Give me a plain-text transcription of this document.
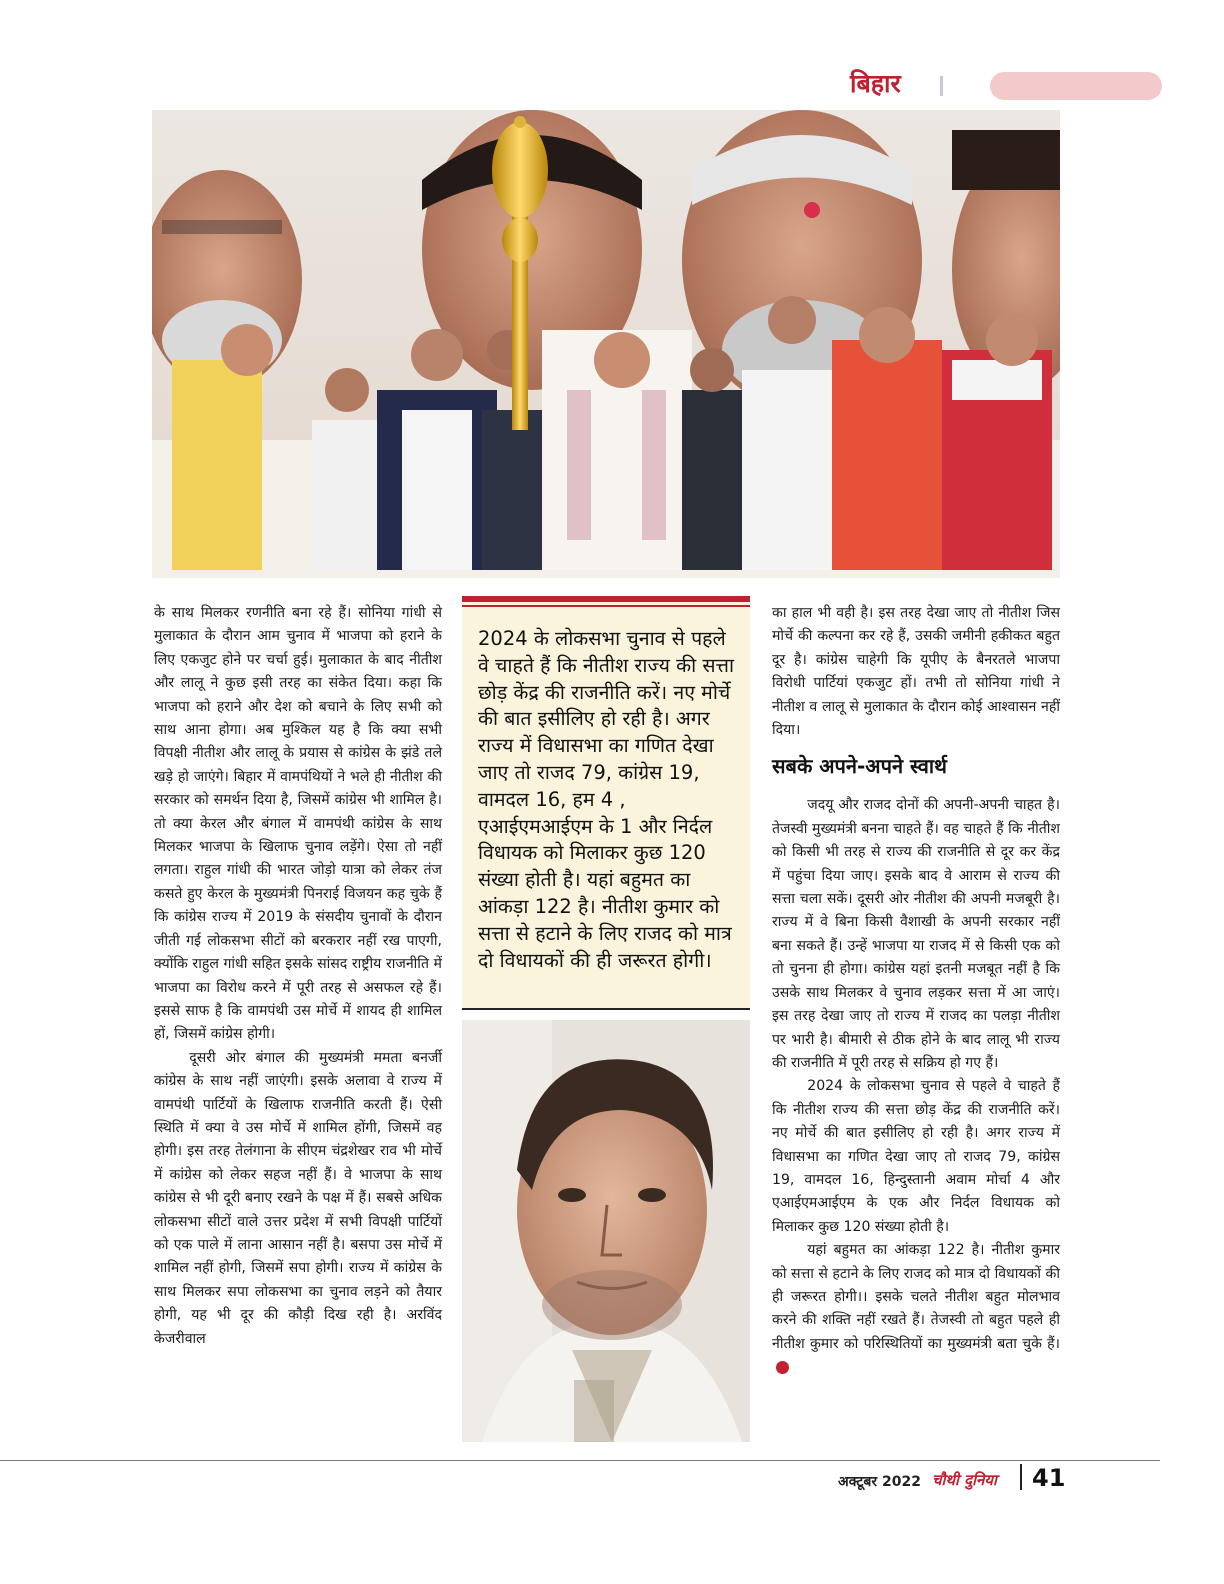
बिहार

के साथ मिलकर रणनीति बना रहे हैं। सोनिया गांधी से मुलाकात के दौरान आम चुनाव में भाजपा को हराने के लिए एकजुट होने पर चर्चा हुई। मुलाकात के बाद नीतीश और लालू ने कुछ इसी तरह का संकेत दिया। कहा कि भाजपा को हराने और देश को बचाने के लिए सभी को साथ आना होगा। अब मुश्किल यह है कि क्या सभी विपक्षी नीतीश और लालू के प्रयास से कांग्रेस के झंडे तले खड़े हो जाएंगे। बिहार में वामपंथियों ने भले ही नीतीश की सरकार को समर्थन दिया है, जिसमें कांग्रेस भी शामिल है। तो क्या केरल और बंगाल में वामपंथी कांग्रेस के साथ मिलकर भाजपा के खिलाफ चुनाव लड़ेंगे। ऐसा तो नहीं लगता। राहुल गांधी की भारत जोड़ो यात्रा को लेकर तंज कसते हुए केरल के मुख्यमंत्री पिनराई विजयन कह चुके हैं कि कांग्रेस राज्य में 2019 के संसदीय चुनावों के दौरान जीती गई लोकसभा सीटों को बरकरार नहीं रख पाएगी, क्योंकि राहुल गांधी सहित इसके सांसद राष्ट्रीय राजनीति में भाजपा का विरोध करने में पूरी तरह से असफल रहे हैं। इससे साफ है कि वामपंथी उस मोर्चे में शायद ही शामिल हों, जिसमें कांग्रेस होगी।

दूसरी ओर बंगाल की मुख्यमंत्री ममता बनर्जी कांग्रेस के साथ नहीं जाएंगी। इसके अलावा वे राज्य में वामपंथी पार्टियों के खिलाफ राजनीति करती हैं। ऐसी स्थिति में क्या वे उस मोर्चे में शामिल होंगी, जिसमें वह होगी। इस तरह तेलंगाना के सीएम चंद्रशेखर राव भी मोर्चे में कांग्रेस को लेकर सहज नहीं हैं। वे भाजपा के साथ कांग्रेस से भी दूरी बनाए रखने के पक्ष में हैं। सबसे अधिक लोकसभा सीटों वाले उत्तर प्रदेश में सभी विपक्षी पार्टियों को एक पाले में लाना आसान नहीं है। बसपा उस मोर्चे में शामिल नहीं होगी, जिसमें सपा होगी। राज्य में कांग्रेस के साथ मिलकर सपा लोकसभा का चुनाव लड़ने को तैयार होगी, यह भी दूर की कौड़ी दिख रही है। अरविंद केजरीवाल

2024 के लोकसभा चुनाव से पहले वे चाहते हैं कि नीतीश राज्य की सत्ता छोड़ केंद्र की राजनीति करें। नए मोर्चे की बात इसीलिए हो रही है। अगर राज्य में विधासभा का गणित देखा जाए तो राजद 79, कांग्रेस 19, वामदल 16, हम 4 , एआईएमआईएम के 1 और निर्दल विधायक को मिलाकर कुछ 120 संख्या होती है। यहां बहुमत का आंकड़ा 122 है। नीतीश कुमार को सत्ता से हटाने के लिए राजद को मात्र दो विधायकों की ही जरूरत होगी।

का हाल भी वही है। इस तरह देखा जाए तो नीतीश जिस मोर्चे की कल्पना कर रहे हैं, उसकी जमीनी हकीकत बहुत दूर है। कांग्रेस चाहेगी कि यूपीए के बैनरतले भाजपा विरोधी पार्टियां एकजुट हों। तभी तो सोनिया गांधी ने नीतीश व लालू से मुलाकात के दौरान कोई आश्वासन नहीं दिया।

सबके अपने-अपने स्वार्थ

जदयू और राजद दोनों की अपनी-अपनी चाहत है। तेजस्वी मुख्यमंत्री बनना चाहते हैं। वह चाहते हैं कि नीतीश को किसी भी तरह से राज्य की राजनीति से दूर कर केंद्र में पहुंचा दिया जाए। इसके बाद वे आराम से राज्य की सत्ता चला सकें। दूसरी ओर नीतीश की अपनी मजबूरी है। राज्य में वे बिना किसी वैशाखी के अपनी सरकार नहीं बना सकते हैं। उन्हें भाजपा या राजद में से किसी एक को तो चुनना ही होगा। कांग्रेस यहां इतनी मजबूत नहीं है कि उसके साथ मिलकर वे चुनाव लड़कर सत्ता में आ जाएं। इस तरह देखा जाए तो राज्य में राजद का पलड़ा नीतीश पर भारी है। बीमारी से ठीक होने के बाद लालू भी राज्य की राजनीति में पूरी तरह से सक्रिय हो गए हैं।

2024 के लोकसभा चुनाव से पहले वे चाहते हैं कि नीतीश राज्य की सत्ता छोड़ केंद्र की राजनीति करें। नए मोर्चे की बात इसीलिए हो रही है। अगर राज्य में विधासभा का गणित देखा जाए तो राजद 79, कांग्रेस 19, वामदल 16, हिन्दुस्तानी अवाम मोर्चा 4 और एआईएमआईएम के एक और निर्दल विधायक को मिलाकर कुछ 120 संख्या होती है।

यहां बहुमत का आंकड़ा 122 है। नीतीश कुमार को सत्ता से हटाने के लिए राजद को मात्र दो विधायकों की ही जरूरत होगी।। इसके चलते नीतीश बहुत मोलभाव करने की शक्ति नहीं रखते हैं। तेजस्वी तो बहुत पहले ही नीतीश कुमार को परिस्थितियों का मुख्यमंत्री बता चुके हैं।

अक्टूबर 2022 चौथी दुनिया 41
